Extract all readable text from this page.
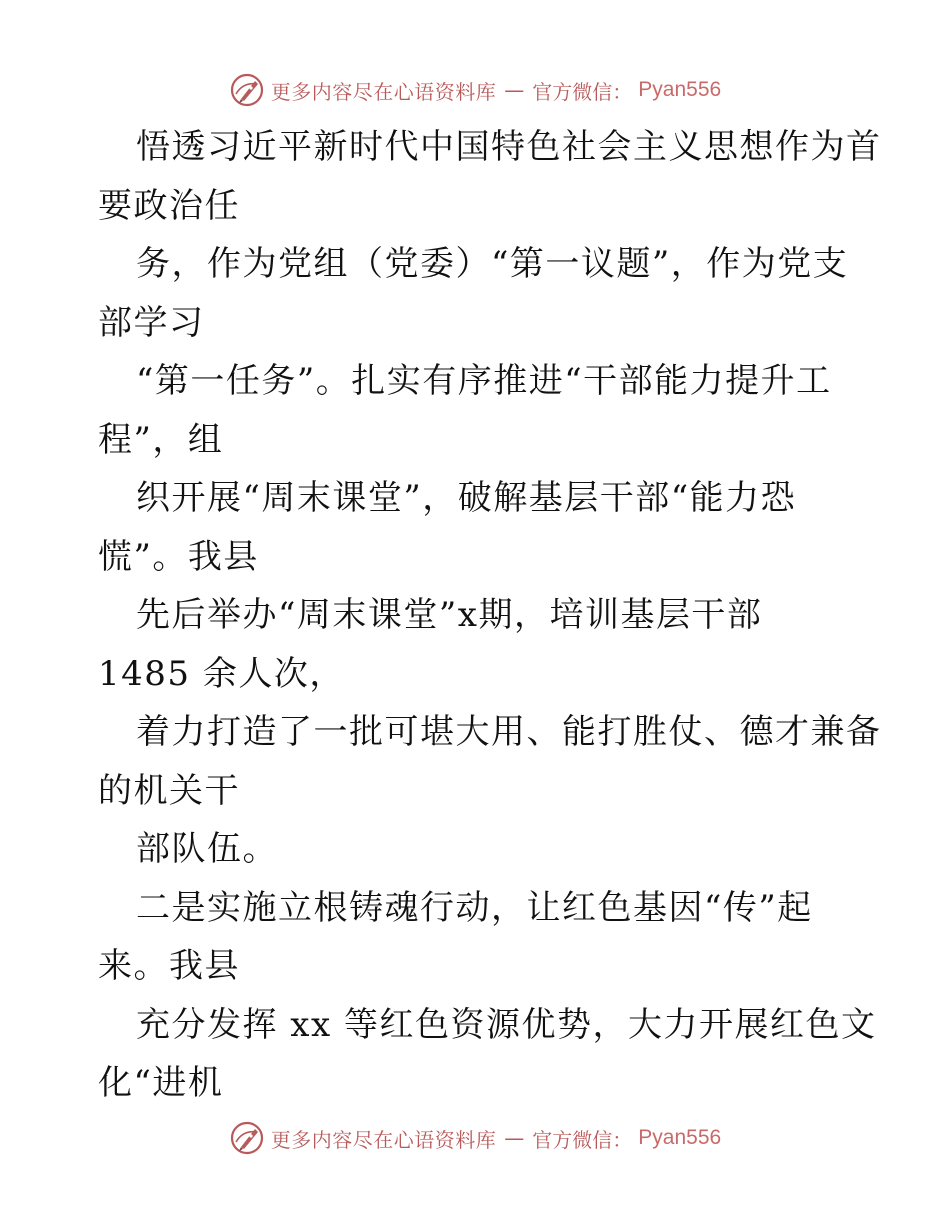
更多内容尽在心语资料库 — 官方微信： Pyan556
悟透习近平新时代中国特色社会主义思想作为首
要政治任
务，作为党组（党委）“第一议题”，作为党支
部学习
“第一任务”。扎实有序推进“干部能力提升工
程”，组
织开展“周末课堂”，破解基层干部“能力恐
慌”。我县
先后举办“周末课堂”x期，培训基层干部
1485 余人次，
着力打造了一批可堪大用、能打胜仗、德才兼备
的机关干
部队伍。
二是实施立根铸魂行动，让红色基因“传”起
来。我县
充分发挥 xx 等红色资源优势，大力开展红色文
化“进机
更多内容尽在心语资料库 — 官方微信： Pyan556
